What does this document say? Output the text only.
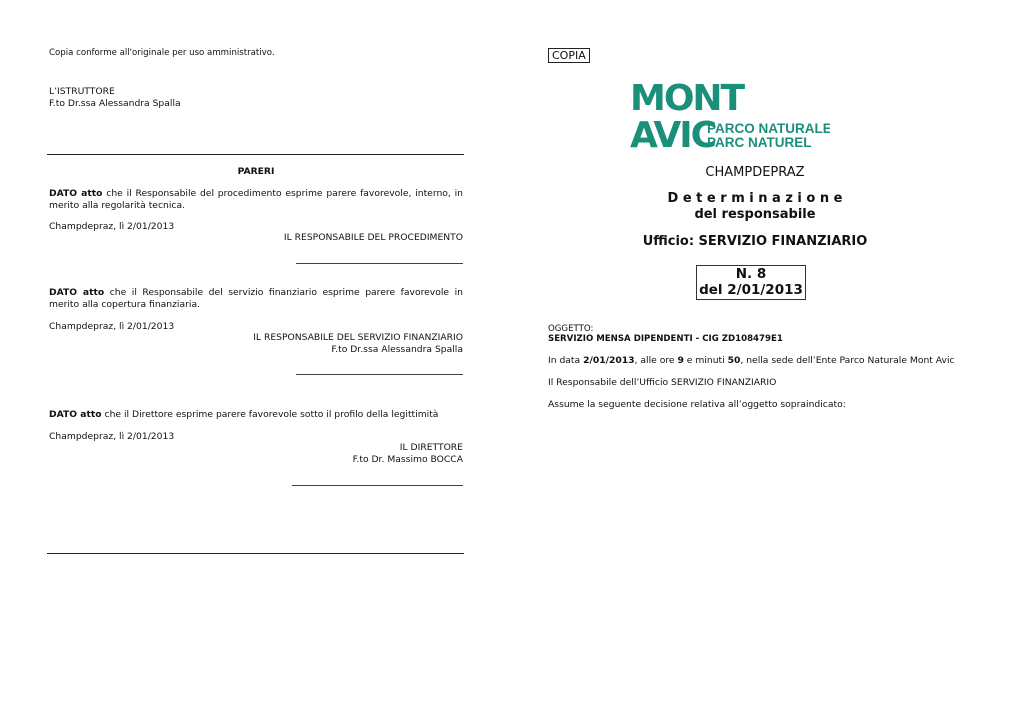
Copia conforme all'originale per uso amministrativo.
L’ISTRUTTORE
F.to Dr.ssa Alessandra Spalla
PARERI
DATO atto che il Responsabile del procedimento esprime parere favorevole, interno, in merito alla regolarità tecnica.
Champdepraz, lì 2/01/2013
IL RESPONSABILE DEL PROCEDIMENTO
DATO atto che il Responsabile del servizio finanziario esprime parere favorevole in merito alla copertura finanziaria.
Champdepraz, lì 2/01/2013
IL RESPONSABILE DEL SERVIZIO FINANZIARIO
F.to Dr.ssa Alessandra Spalla
DATO atto che il Direttore esprime parere favorevole sotto il profilo della legittimità
Champdepraz, lì 2/01/2013
IL DIRETTORE
F.to Dr. Massimo BOCCA
COPIA
MONT
AVIC
PARCO NATURALE
PARC NATUREL
CHAMPDEPRAZ
D e t e r m i n a z i o n e
del responsabile
Ufficio: SERVIZIO FINANZIARIO
N. 8
del 2/01/2013
OGGETTO:
SERVIZIO MENSA DIPENDENTI - CIG ZD108479E1
In data 2/01/2013, alle ore 9 e minuti 50, nella sede dell’Ente Parco Naturale Mont Avic
Il Responsabile dell’Ufficio SERVIZIO FINANZIARIO
Assume la seguente decisione relativa all’oggetto sopraindicato:
